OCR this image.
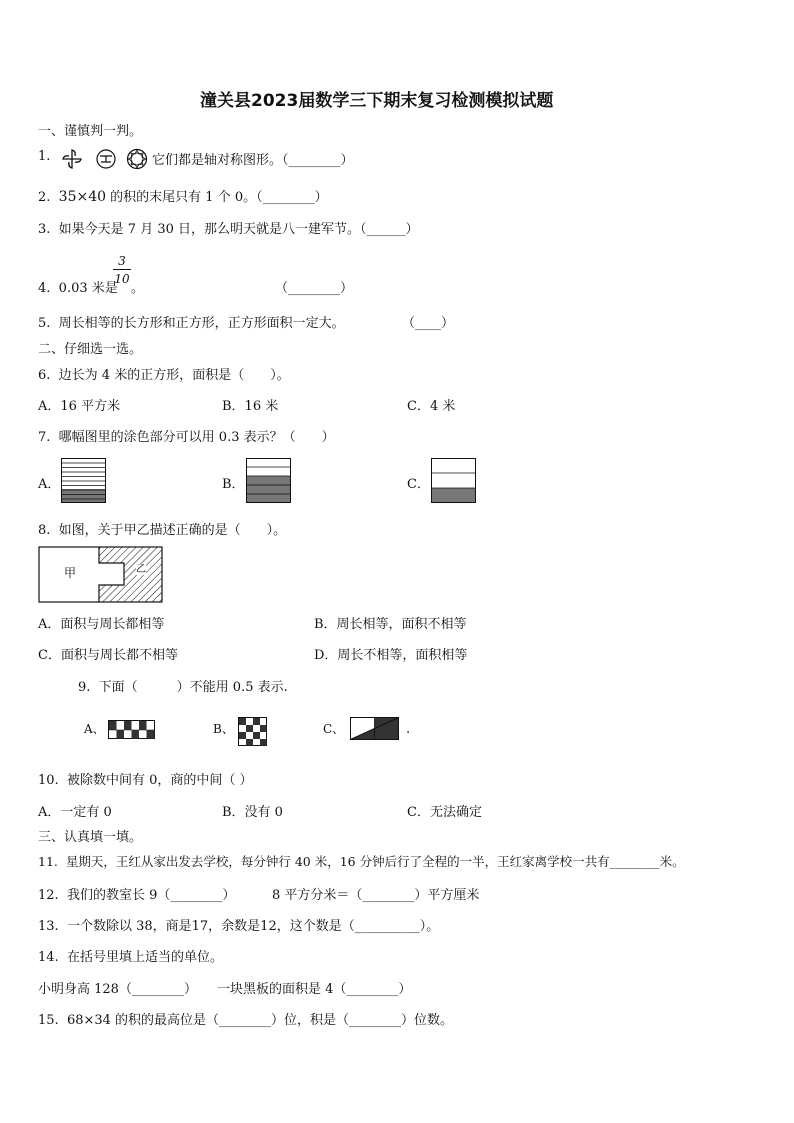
潼关县2023届数学三下期末复习检测模拟试题
一、谨慎判一判。
1.	它们都是轴对称图形。（________）
2. 35×40 的积的末尾只有 1 个 0。（________）
3. 如果今天是 7 月 30 日，那么明天就是八一建军节。（______）
4. 0.03 米是
3
10
。	（________）
5. 周长相等的长方形和正方形，正方形面积一定大。	（____）
二、仔细选一选。
6. 边长为 4 米的正方形，面积是（　　）。
A．16 平方米	B．16 米	C．4 米
7. 哪幅图里的涂色部分可以用 0.3 表示？（　　）
A．	B．	C．
8. 如图，关于甲乙描述正确的是（　　）。
甲	乙
A．面积与周长都相等	B．周长相等，面积不相等
C．面积与周长都不相等	D．周长不相等，面积相等
9. 下面（　　　）不能用 0.5 表示.
A、	B、	C、	.
10. 被除数中间有 0，商的中间（ ）
A．一定有 0	B．没有 0	C．无法确定
三、认真填一填。
11. 星期天，王红从家出发去学校，每分钟行 40 米，16 分钟后行了全程的一半，王红家离学校一共有________米。
12. 我们的教室长 9（________）	8 平方分米＝（________）平方厘米
13. 一个数除以 38，商是17，余数是12，这个数是（__________）。
14. 在括号里填上适当的单位。
小明身高 128（________） 一块黑板的面积是 4（________）
15. 68×34 的积的最高位是（________）位，积是（________）位数。
